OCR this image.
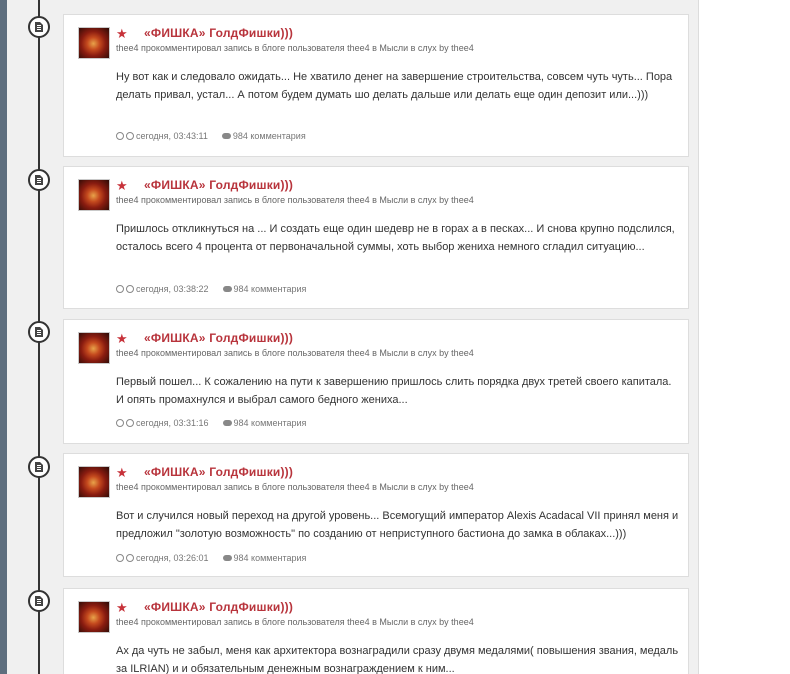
★ «ФИШКА» ГолдФишки)))
thee4 прокомментировал запись в блоге пользователя thee4 в Мысли в слух by thee4
Ну вот как и следовало ожидать... Не хватило денег на завершение строительства, совсем чуть чуть... Пора делать привал, устал... А потом будем думать шо делать дальше или делать еще один депозит или...)))
сегодня, 03:43:11	984 комментария
★ «ФИШКА» ГолдФишки)))
thee4 прокомментировал запись в блоге пользователя thee4 в Мысли в слух by thee4
Пришлось откликнуться на ... И создать еще один шедевр не в горах а в песках... И снова крупно подслился, осталось всего 4 процента от первоначальной суммы, хоть выбор жениха немного сгладил ситуацию...
сегодня, 03:38:22	984 комментария
★ «ФИШКА» ГолдФишки)))
thee4 прокомментировал запись в блоге пользователя thee4 в Мысли в слух by thee4
Первый пошел... К сожалению на пути к завершению пришлось слить порядка двух третей своего капитала. И опять промахнулся и выбрал самого бедного жениха...
сегодня, 03:31:16	984 комментария
★ «ФИШКА» ГолдФишки)))
thee4 прокомментировал запись в блоге пользователя thee4 в Мысли в слух by thee4
Вот и случился новый переход на другой уровень... Всемогущий император Alexis Acadacal VII принял меня и предложил "золотую возможность" по созданию от неприступного бастиона до замка в облаках...)))
сегодня, 03:26:01	984 комментария
★ «ФИШКА» ГолдФишки)))
thee4 прокомментировал запись в блоге пользователя thee4 в Мысли в слух by thee4
Ах да чуть не забыл, меня как архитектора вознаградили сразу двумя медалями( повышения звания, медаль за ILRIAN) и и обязательным денежным вознаграждением к ним...
